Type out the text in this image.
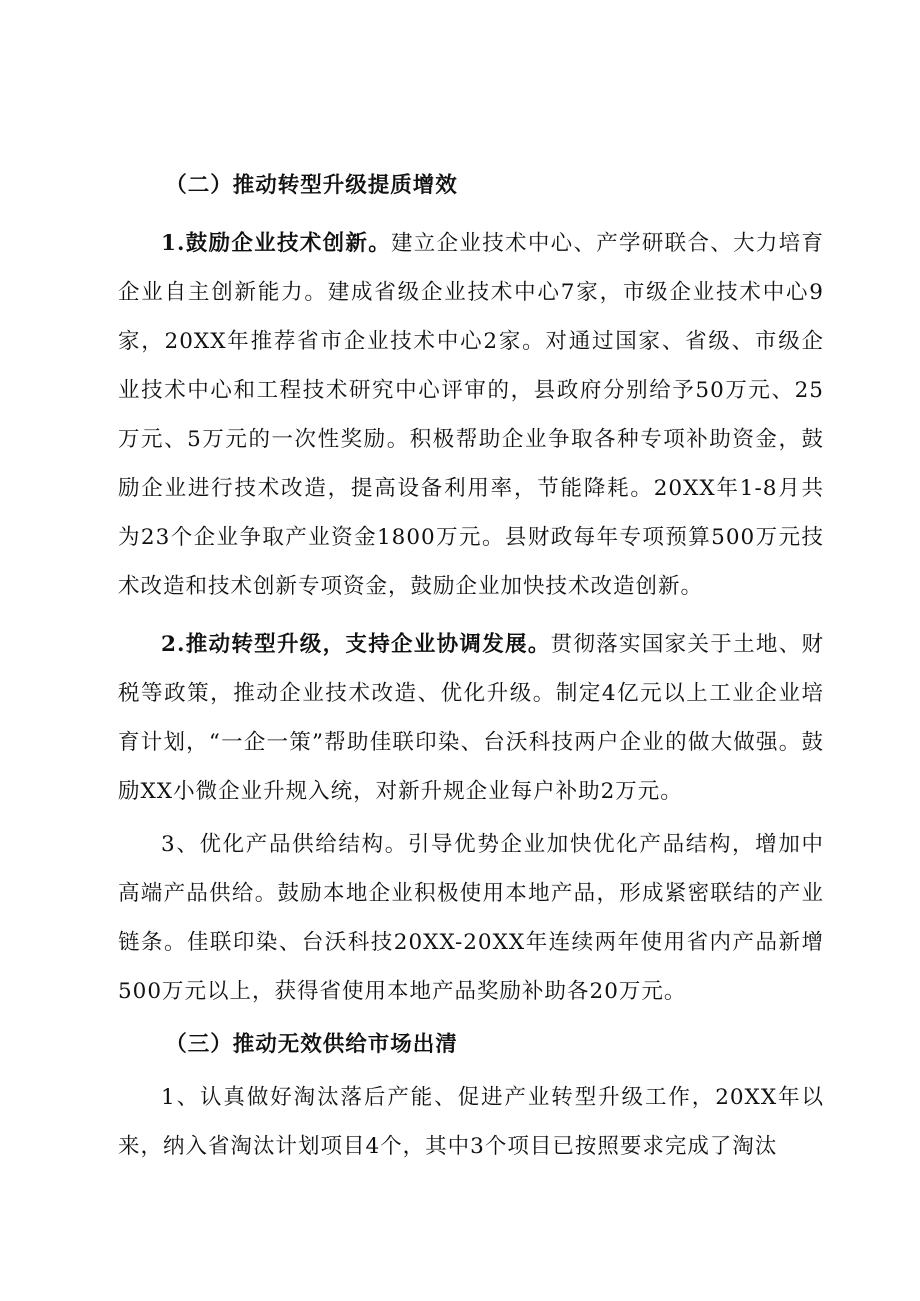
（二）推动转型升级提质增效
1.鼓励企业技术创新。建立企业技术中心、产学研联合、大力培育企业自主创新能力。建成省级企业技术中心7家，市级企业技术中心9家，20XX年推荐省市企业技术中心2家。对通过国家、省级、市级企业技术中心和工程技术研究中心评审的，县政府分别给予50万元、25万元、5万元的一次性奖励。积极帮助企业争取各种专项补助资金，鼓励企业进行技术改造，提高设备利用率，节能降耗。20XX年1-8月共为23个企业争取产业资金1800万元。县财政每年专项预算500万元技术改造和技术创新专项资金，鼓励企业加快技术改造创新。
2.推动转型升级，支持企业协调发展。贯彻落实国家关于土地、财税等政策，推动企业技术改造、优化升级。制定4亿元以上工业企业培育计划，“一企一策”帮助佳联印染、台沃科技两户企业的做大做强。鼓励XX小微企业升规入统，对新升规企业每户补助2万元。
3、优化产品供给结构。引导优势企业加快优化产品结构，增加中高端产品供给。鼓励本地企业积极使用本地产品，形成紧密联结的产业链条。佳联印染、台沃科技20XX-20XX年连续两年使用省内产品新增500万元以上，获得省使用本地产品奖励补助各20万元。
（三）推动无效供给市场出清
1、认真做好淘汰落后产能、促进产业转型升级工作，20XX年以来，纳入省淘汰计划项目4个，其中3个项目已按照要求完成了淘汰
